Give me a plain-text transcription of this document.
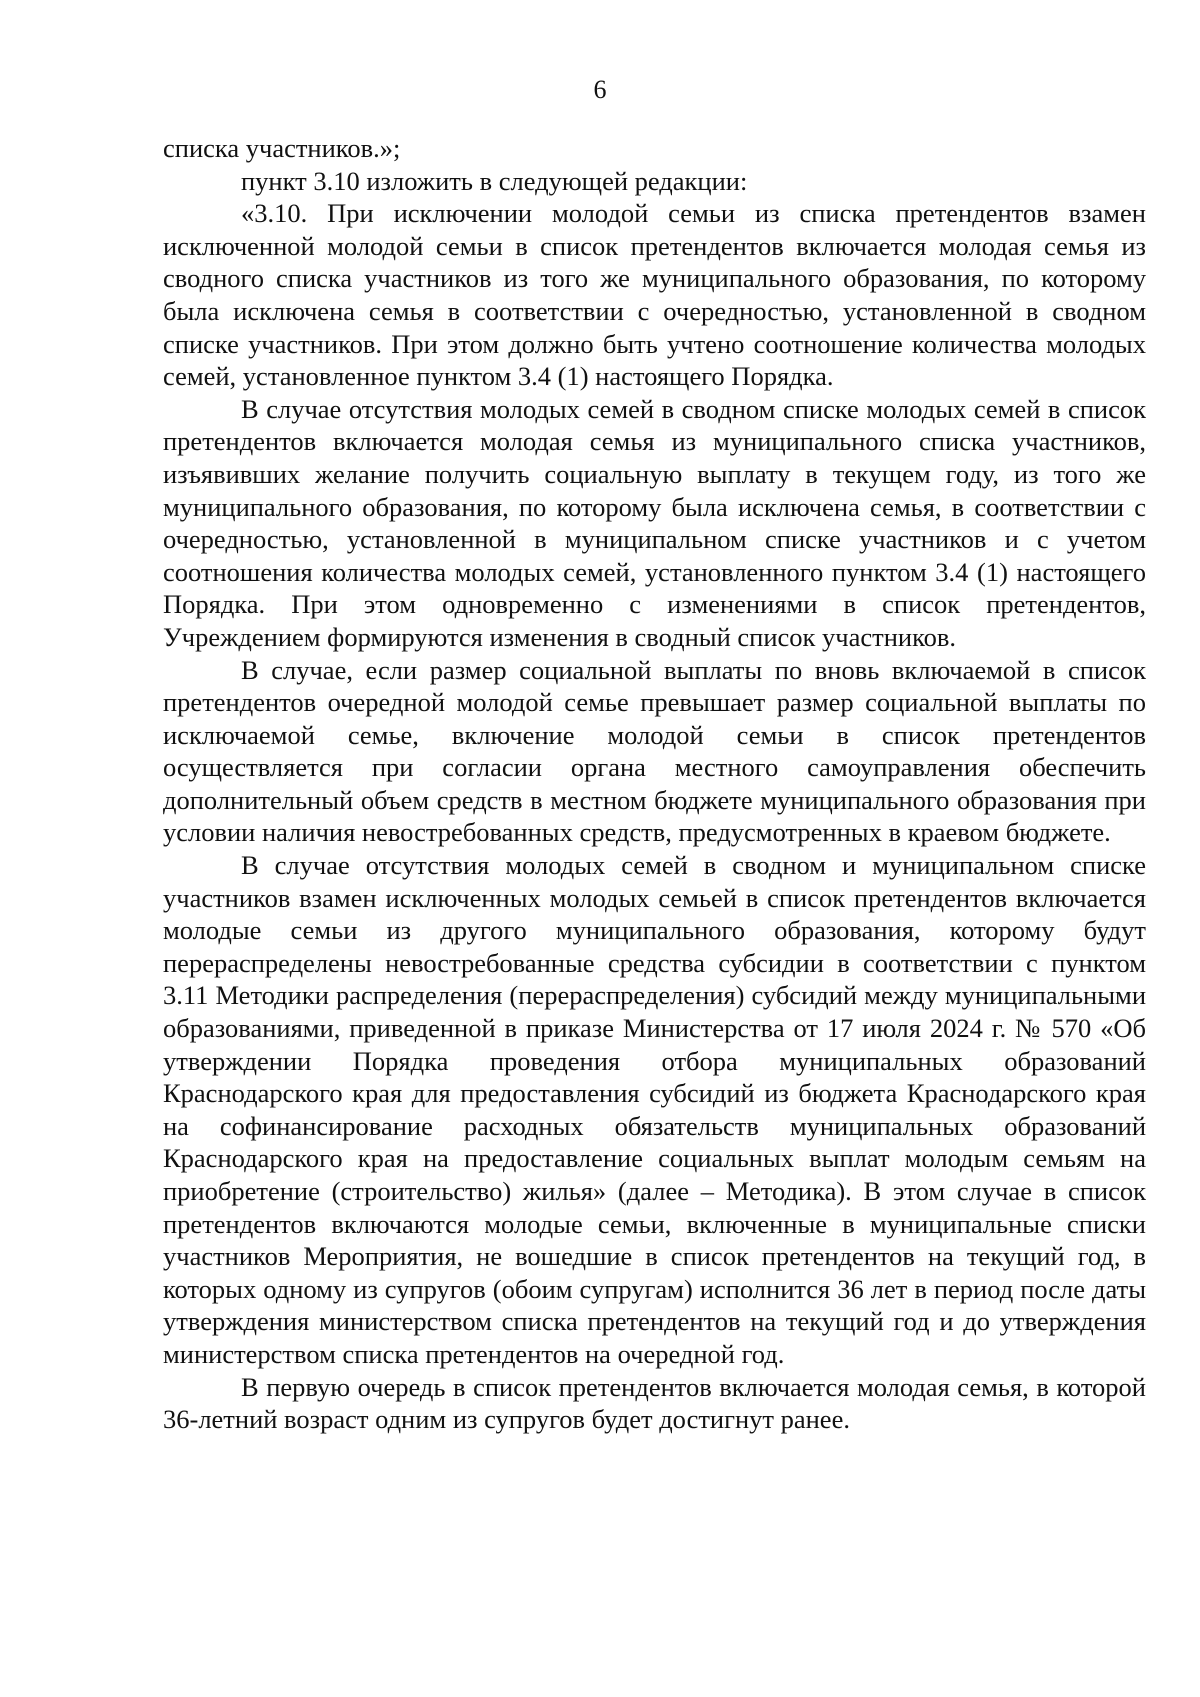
6

списка участников.»;

пункт 3.10 изложить в следующей редакции:

«3.10. При исключении молодой семьи из списка претендентов взамен исключенной молодой семьи в список претендентов включается молодая семья из сводного списка участников из того же муниципального образования, по которому была исключена семья в соответствии с очередностью, установленной в сводном списке участников. При этом должно быть учтено соотношение количества молодых семей, установленное пунктом 3.4 (1) настоящего Порядка.

В случае отсутствия молодых семей в сводном списке молодых семей в список претендентов включается молодая семья из муниципального списка участников, изъявивших желание получить социальную выплату в текущем году, из того же муниципального образования, по которому была исключена семья, в соответствии с очередностью, установленной в муниципальном списке участников и с учетом соотношения количества молодых семей, установленного пунктом 3.4 (1) настоящего Порядка. При этом одновременно с изменениями в список претендентов, Учреждением формируются изменения в сводный список участников.

В случае, если размер социальной выплаты по вновь включаемой в список претендентов очередной молодой семье превышает размер социальной выплаты по исключаемой семье, включение молодой семьи в список претендентов осуществляется при согласии органа местного самоуправления обеспечить дополнительный объем средств в местном бюджете муниципального образования при условии наличия невостребованных средств, предусмотренных в краевом бюджете.

В случае отсутствия молодых семей в сводном и муниципальном списке участников взамен исключенных молодых семьей в список претендентов включается молодые семьи из другого муниципального образования, которому будут перераспределены невостребованные средства субсидии в соответствии с пунктом 3.11 Методики распределения (перераспределения) субсидий между муниципальными образованиями, приведенной в приказе Министерства от 17 июля 2024 г. № 570 «Об утверждении Порядка проведения отбора муниципальных образований Краснодарского края для предоставления субсидий из бюджета Краснодарского края на софинансирование расходных обязательств муниципальных образований Краснодарского края на предоставление социальных выплат молодым семьям на приобретение (строительство) жилья» (далее – Методика). В этом случае в список претендентов включаются молодые семьи, включенные в муниципальные списки участников Мероприятия, не вошедшие в список претендентов на текущий год, в которых одному из супругов (обоим супругам) исполнится 36 лет в период после даты утверждения министерством списка претендентов на текущий год и до утверждения министерством списка претендентов на очередной год.

В первую очередь в список претендентов включается молодая семья, в которой 36-летний возраст одним из супругов будет достигнут ранее.
